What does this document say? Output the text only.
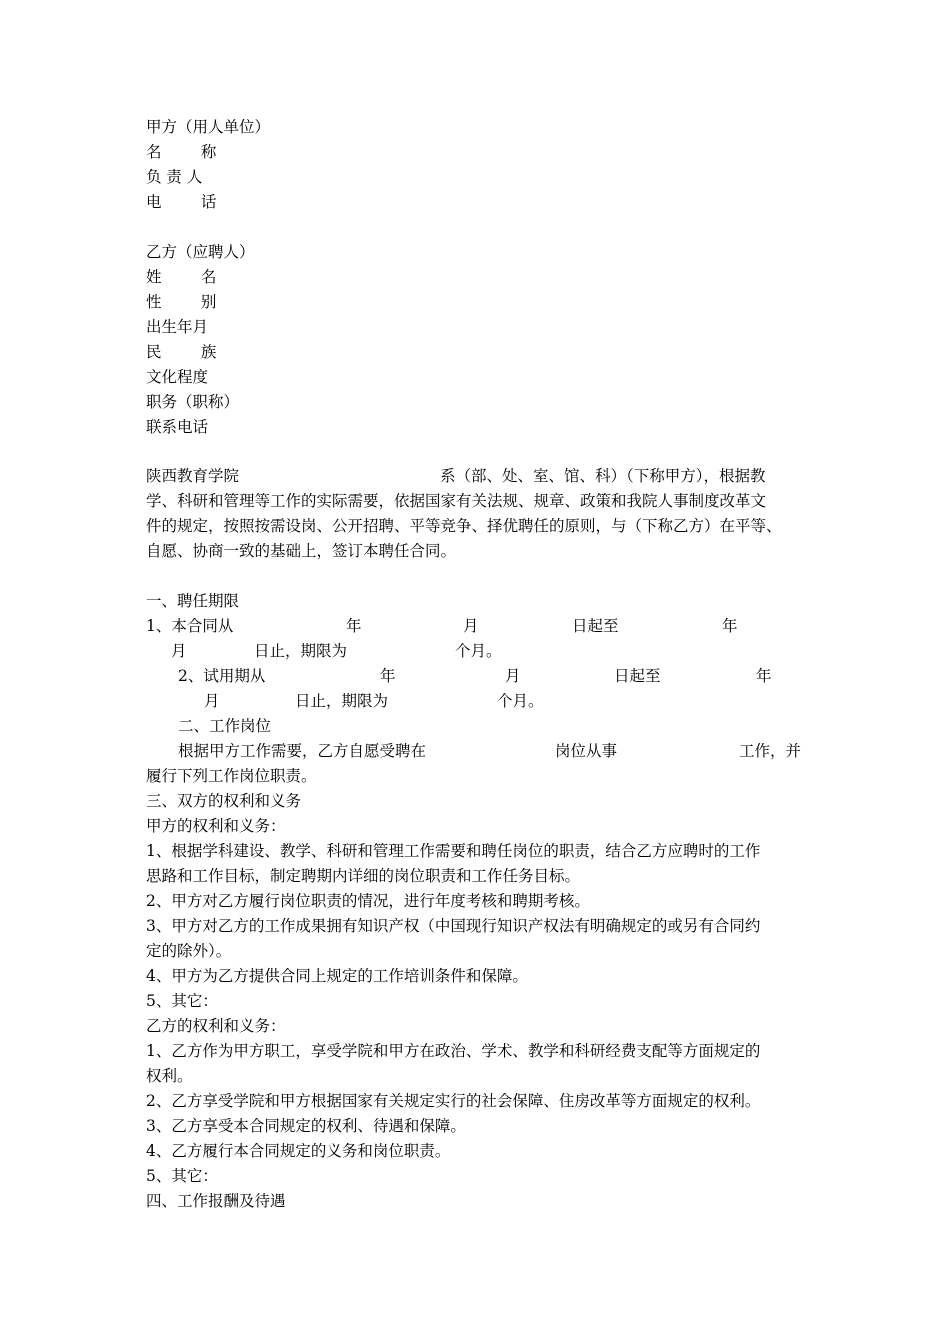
甲方（用人单位）
名        称
负 责 人
电        话
乙方（应聘人）
姓        名
性        别
出生年月
民        族
文化程度
职务（职称）
联系电话
陕西教育学院	系（部、处、室、馆、科）（下称甲方），根据教
学、科研和管理等工作的实际需要，依据国家有关法规、规章、政策和我院人事制度改革文
件的规定，按照按需设岗、公开招聘、平等竞争、择优聘任的原则，与（下称乙方）在平等、
自愿、协商一致的基础上，签订本聘任合同。
一、聘任期限
1、本合同从	年	月	日起至	年
月	日止，期限为	个月。
2、试用期从	年	月	日起至	年
月	日止，期限为	个月。
二、工作岗位
根据甲方工作需要，乙方自愿受聘在	岗位从事	工作，并
履行下列工作岗位职责。
三、双方的权利和义务
甲方的权利和义务：
1、根据学科建设、教学、科研和管理工作需要和聘任岗位的职责，结合乙方应聘时的工作
思路和工作目标，制定聘期内详细的岗位职责和工作任务目标。
2、甲方对乙方履行岗位职责的情况，进行年度考核和聘期考核。
3、甲方对乙方的工作成果拥有知识产权（中国现行知识产权法有明确规定的或另有合同约
定的除外）。
4、甲方为乙方提供合同上规定的工作培训条件和保障。
5、其它：
乙方的权利和义务：
1、乙方作为甲方职工，享受学院和甲方在政治、学术、教学和科研经费支配等方面规定的
权利。
2、乙方享受学院和甲方根据国家有关规定实行的社会保障、住房改革等方面规定的权利。
3、乙方享受本合同规定的权利、待遇和保障。
4、乙方履行本合同规定的义务和岗位职责。
5、其它：
四、工作报酬及待遇
